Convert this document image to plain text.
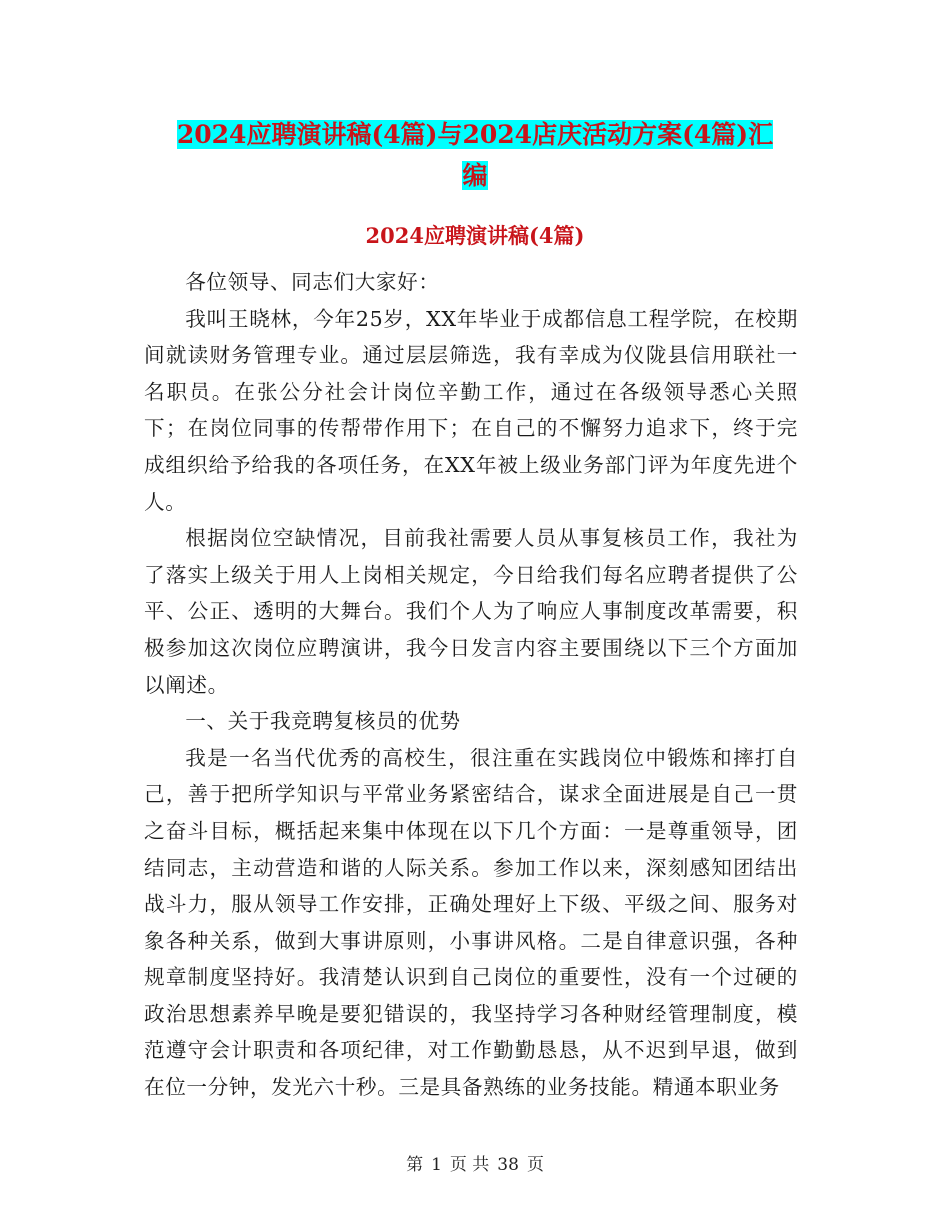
2024应聘演讲稿(4篇)与2024店庆活动方案(4篇)汇
编
2024应聘演讲稿(4篇)

各位领导、同志们大家好：

我叫王晓林，今年25岁，XX年毕业于成都信息工程学院，在校期间就读财务管理专业。通过层层筛选，我有幸成为仪陇县信用联社一名职员。在张公分社会计岗位辛勤工作，通过在各级领导悉心关照下；在岗位同事的传帮带作用下；在自己的不懈努力追求下，终于完成组织给予给我的各项任务，在XX年被上级业务部门评为年度先进个人。

根据岗位空缺情况，目前我社需要人员从事复核员工作，我社为了落实上级关于用人上岗相关规定，今日给我们每名应聘者提供了公平、公正、透明的大舞台。我们个人为了响应人事制度改革需要，积极参加这次岗位应聘演讲，我今日发言内容主要围绕以下三个方面加以阐述。

一、关于我竞聘复核员的优势

我是一名当代优秀的高校生，很注重在实践岗位中锻炼和摔打自己，善于把所学知识与平常业务紧密结合，谋求全面进展是自己一贯之奋斗目标，概括起来集中体现在以下几个方面：一是尊重领导，团结同志，主动营造和谐的人际关系。参加工作以来，深刻感知团结出战斗力，服从领导工作安排，正确处理好上下级、平级之间、服务对象各种关系，做到大事讲原则，小事讲风格。二是自律意识强，各种规章制度坚持好。我清楚认识到自己岗位的重要性，没有一个过硬的政治思想素养早晚是要犯错误的，我坚持学习各种财经管理制度，模范遵守会计职责和各项纪律，对工作勤勤恳恳，从不迟到早退，做到在位一分钟，发光六十秒。三是具备熟练的业务技能。精通本职业务

第 1 页 共 38 页
